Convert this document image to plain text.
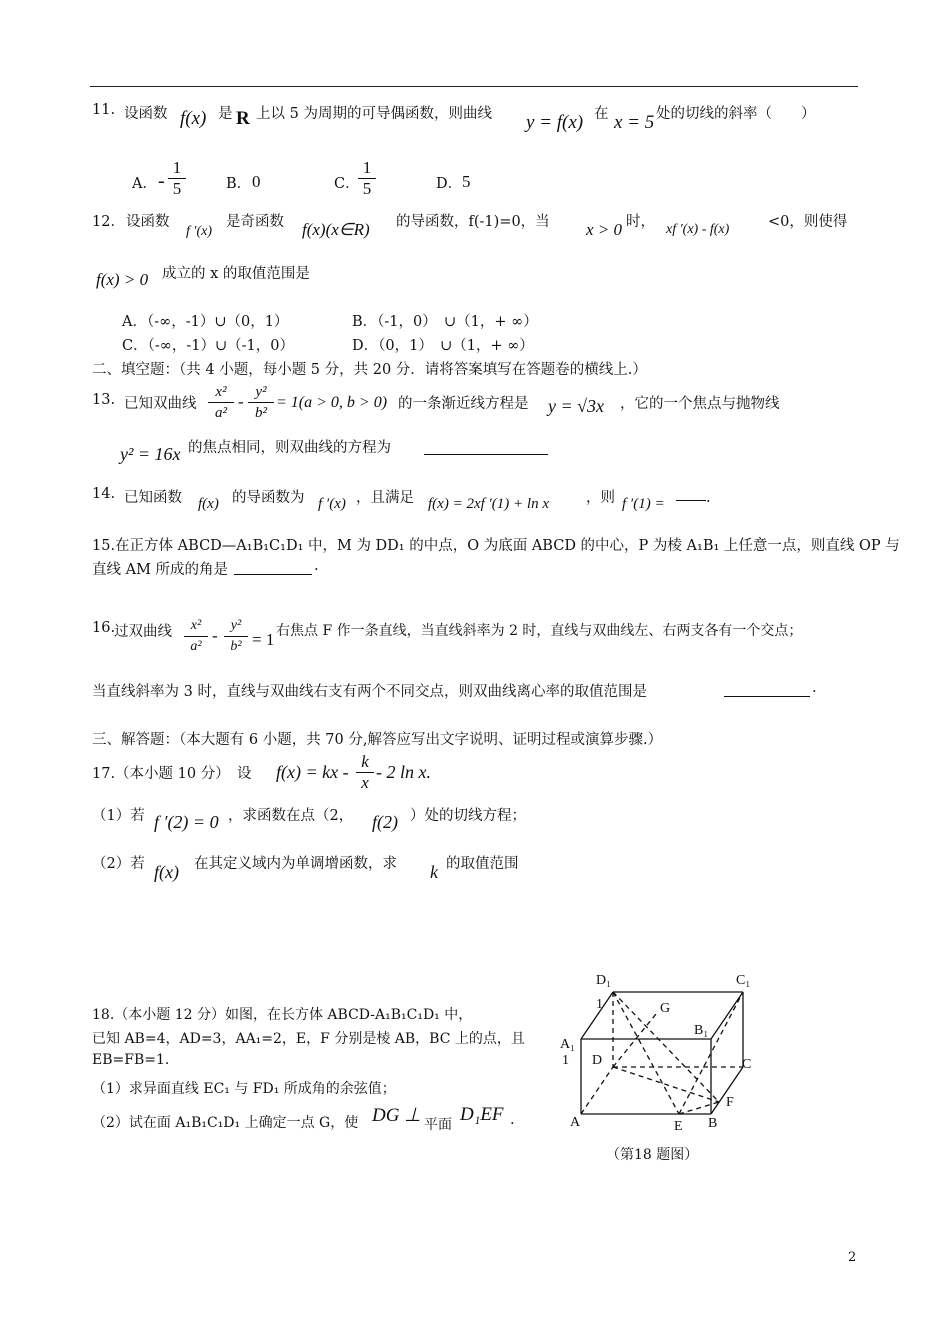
11. 设函数 f(x) 是 R 上以 5 为周期的可导偶函数，则曲线 y = f(x) 在 x = 5 处的切线的斜率（　　）
A． - $\frac{1}{5}$	B． 0	C．
$\frac{1}{5}$	D． 5
12． 设函数
f ′(x)
是奇函数 f(x)(x∈R) 的导函数，f(-1)=0，当 x > 0 时， xf ′(x) - f(x)	<0，则使得
f(x) > 0 成立的 x 的取值范围是
A．（-∞，-1）∪（0，1）	B．（-1，0）　∪（1，+ ∞）
C．（-∞，-1）∪（-1，0）	D．（0，1）　∪（1，+ ∞）
二、填空题：（共 4 小题，每小题 5 分，共 20 分．请将答案填写在答题卷的横线上.）
13. 已知双曲线 $\frac{\text{x²}}{\text{a²}} - \frac{\text{y²}}{\text{b²}} = 1(a > 0$, b > 0) 的一条渐近线方程是 y = √3x ，它的一个焦点与抛物线
y² = 16x 的焦点相同，则双曲线的方程为
14. 已知函数 f(x) 的导函数为 f ′(x) ，且满足 f(x) = 2xf ′(1) + ln x	，则 f ′(1) =	.
15.在正方体 ABCD—A₁B₁C₁D₁ 中，M 为 DD₁ 的中点，O 为底面 ABCD 的中心，P 为棱 A₁B₁ 上任意一点，则直线 OP 与
直线 AM 所成的角是	.
16.
过双曲线 $\frac{\text{x²}}{\text{a²}} - \frac{\text{y²}}{\text{b²}} = 1$ 右焦点 F 作一条直线，当直线斜率为 2 时，直线与双曲线左、右两支各有一个交点；
当直线斜率为 3 时，直线与双曲线右支有两个不同交点，则双曲线离心率的取值范围是	.
三、解答题：（本大题有 6 小题，共 70 分,解答应写出文字说明、证明过程或演算步骤.）
17.（本小题 10 分）　设 f(x) = kx - $\frac{k}{x} - 2$ ln x.
（1）若 f ′(2) = 0 ，求函数在点（2， f(2) ）处的切线方程；
（2）若 f(x) 在其定义域内为单调增函数，求 k 的取值范围
18.（本小题 12 分）如图，在长方体 ABCD-A₁B₁C₁D₁ 中，
已知 AB=4，AD=3，AA₁=2，E，F 分别是棱 AB，BC 上的点，且
EB=FB=1.
（1）求异面直线 EC₁ 与 FD₁ 所成角的余弦值；
（2）试在面 A₁B₁C₁D₁ 上确定一点 G，使 DG ⊥ 平面 D₁EF .
D₁
1
C₁
G
B₁
A₁
1 D	C
F
A	E B
（第18 题图）
2
